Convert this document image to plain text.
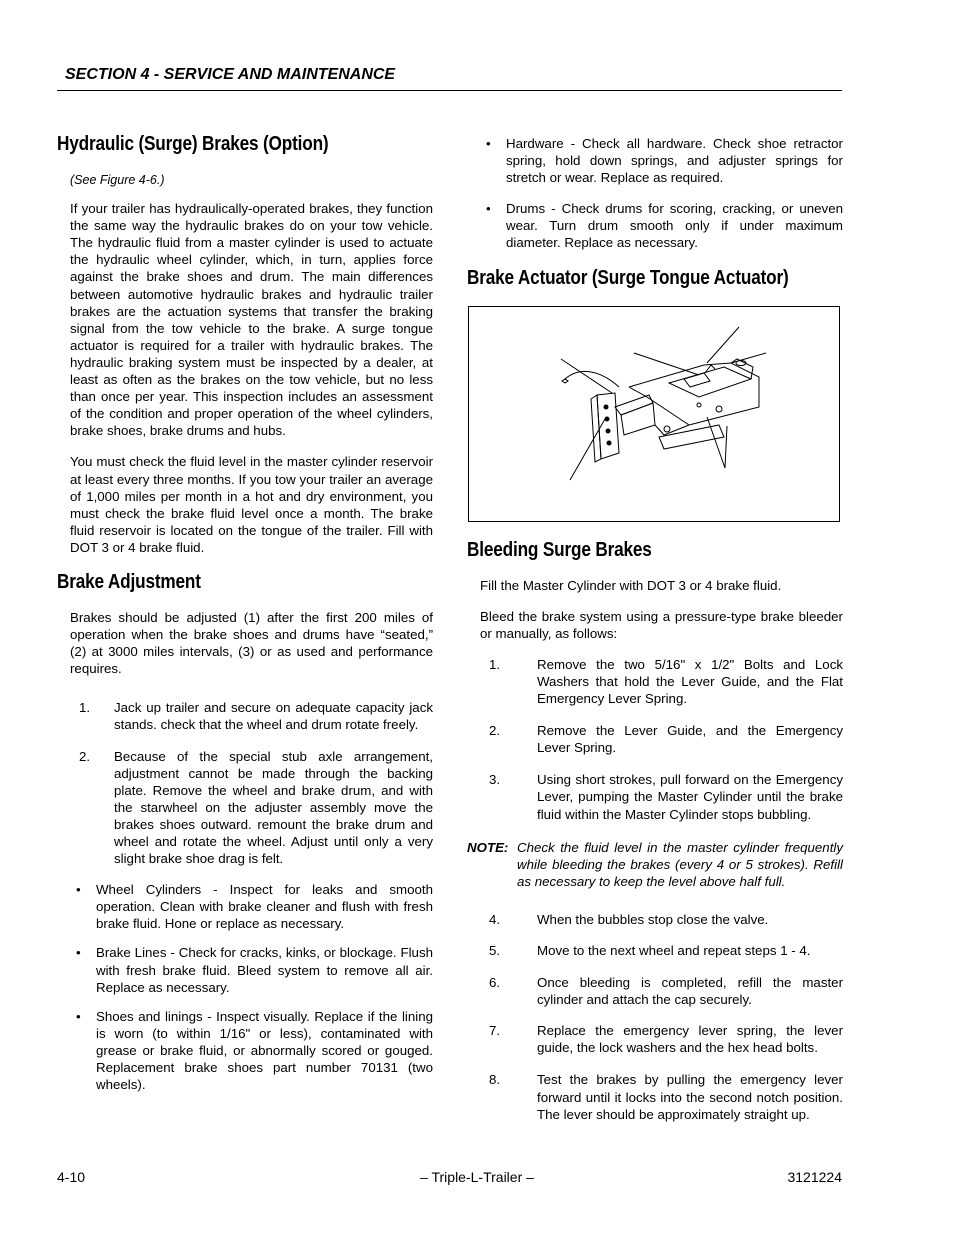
SECTION 4 - SERVICE AND MAINTENANCE
Hydraulic (Surge) Brakes (Option)

(See Figure 4-6.)

If your trailer has hydraulically-operated brakes, they function the same way the hydraulic brakes do on your tow vehicle. The hydraulic fluid from a master cylinder is used to actuate the hydraulic wheel cylinder, which, in turn, applies force against the brake shoes and drum. The main differences between automotive hydraulic brakes and hydraulic trailer brakes are the actuation systems that transfer the braking signal from the tow vehicle to the brake. A surge tongue actuator is required for a trailer with hydraulic brakes. The hydraulic braking system must be inspected by a dealer, at least as often as the brakes on the tow vehicle, but no less than once per year. This inspection includes an assessment of the condition and proper operation of the wheel cylinders, brake shoes, brake drums and hubs.

You must check the fluid level in the master cylinder reservoir at least every three months. If you tow your trailer an average of 1,000 miles per month in a hot and dry environment, you must check the brake fluid level once a month. The brake fluid reservoir is located on the tongue of the trailer. Fill with DOT 3 or 4 brake fluid.

Brake Adjustment

Brakes should be adjusted (1) after the first 200 miles of operation when the brake shoes and drums have “seated,” (2) at 3000 miles intervals, (3) or as used and performance requires.

1.	Jack up trailer and secure on adequate capacity jack stands. check that the wheel and drum rotate freely.
2.	Because of the special stub axle arrangement, adjustment cannot be made through the backing plate. Remove the wheel and brake drum, and with the starwheel on the adjuster assembly move the brakes shoes outward. remount the brake drum and wheel and rotate the wheel. Adjust until only a very slight brake shoe drag is felt.
•	Wheel Cylinders - Inspect for leaks and smooth operation. Clean with brake cleaner and flush with fresh brake fluid. Hone or replace as necessary.
•	Brake Lines - Check for cracks, kinks, or blockage. Flush with fresh brake fluid. Bleed system to remove all air. Replace as necessary.
•	Shoes and linings - Inspect visually. Replace if the lining is worn (to within 1/16" or less), contaminated with grease or brake fluid, or abnormally scored or gouged. Replacement brake shoes part number 70131 (two wheels).
•	Hardware - Check all hardware. Check shoe retractor spring, hold down springs, and adjuster springs for stretch or wear. Replace as required.
•	Drums - Check drums for scoring, cracking, or uneven wear. Turn drum smooth only if under maximum diameter. Replace as necessary.
Brake Actuator (Surge Tongue Actuator)
Bleeding Surge Brakes

Fill the Master Cylinder with DOT 3 or 4 brake fluid.

Bleed the brake system using a pressure-type brake bleeder or manually, as follows:

1.	Remove the two 5/16" x 1/2" Bolts and Lock Washers that hold the Lever Guide, and the Flat Emergency Lever Spring.
2.	Remove the Lever Guide, and the Emergency Lever Spring.
3.	Using short strokes, pull forward on the Emergency Lever, pumping the Master Cylinder until the brake fluid within the Master Cylinder stops bubbling.
NOTE: Check the fluid level in the master cylinder frequently while bleeding the brakes (every 4 or 5 strokes). Refill as necessary to keep the level above half full.
4.	When the bubbles stop close the valve.
5.	Move to the next wheel and repeat steps 1 - 4.
6.	Once bleeding is completed, refill the master cylinder and attach the cap securely.
7.	Replace the emergency lever spring, the lever guide, the lock washers and the hex head bolts.
8.	Test the brakes by pulling the emergency lever forward until it locks into the second notch position. The lever should be approximately straight up.
4-10	– Triple-L-Trailer –	3121224
